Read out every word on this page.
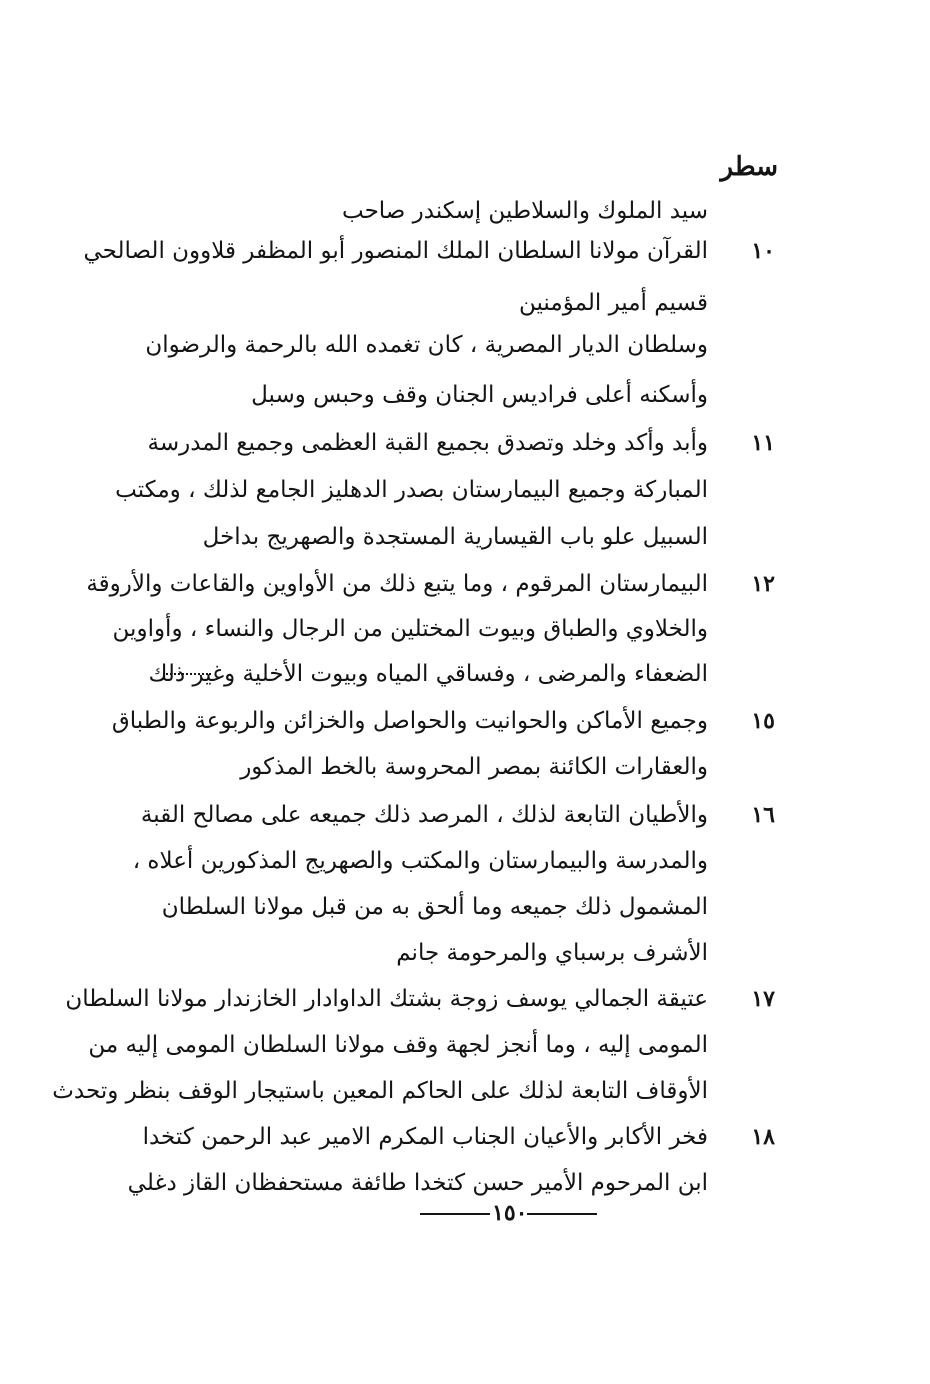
سطر
سيد الملوك والسلاطين إسكندر صاحب
القرآن مولانا السلطان الملك المنصور أبو المظفر قلاوون الصالحي ١٠
قسيم أمير المؤمنين
وسلطان الديار المصرية ، كان تغمده الله بالرحمة والرضوان
وأسكنه أعلى فراديس الجنان وقف وحبس وسبل
وأبد وأكد وخلد وتصدق بجميع القبة العظمى وجميع المدرسة ١١
المباركة وجميع البيمارستان بصدر الدهليز الجامع لذلك ، ومكتب
السبيل علو باب القيسارية المستجدة والصهريج بداخل
البيمارستان المرقوم ، وما يتبع ذلك من الأواوين والقاعات والأروقة ١٢
والخلاوي والطباق وبيوت المختلين من الرجال والنساء ، وأواوين
الضعفاء والمرضى ، وفساقي المياه وبيوت الأخلية وغير ذلك
وجميع الأماكن والحوانيت والحواصل والخزائن والربوعة والطباق ١٥
والعقارات الكائنة بمصر المحروسة بالخط المذكور
والأطيان التابعة لذلك ، المرصد ذلك جميعه على مصالح القبة ١٦
والمدرسة والبيمارستان والمكتب والصهريج المذكورين أعلاه ،
المشمول ذلك جميعه وما ألحق به من قبل مولانا السلطان
الأشرف برسباي والمرحومة جانم
عتيقة الجمالي يوسف زوجة بشتك الداوادار الخازندار مولانا السلطان ١٧
المومى إليه ، وما أنجز لجهة وقف مولانا السلطان المومى إليه من
الأوقاف التابعة لذلك على الحاكم المعين باستيجار الوقف بنظر وتحدث
فخر الأكابر والأعيان الجناب المكرم الامير عبد الرحمن كتخدا ١٨
ابن المرحوم الأمير حسن كتخدا طائفة مستحفظان القاز دغلي
١٥٠
